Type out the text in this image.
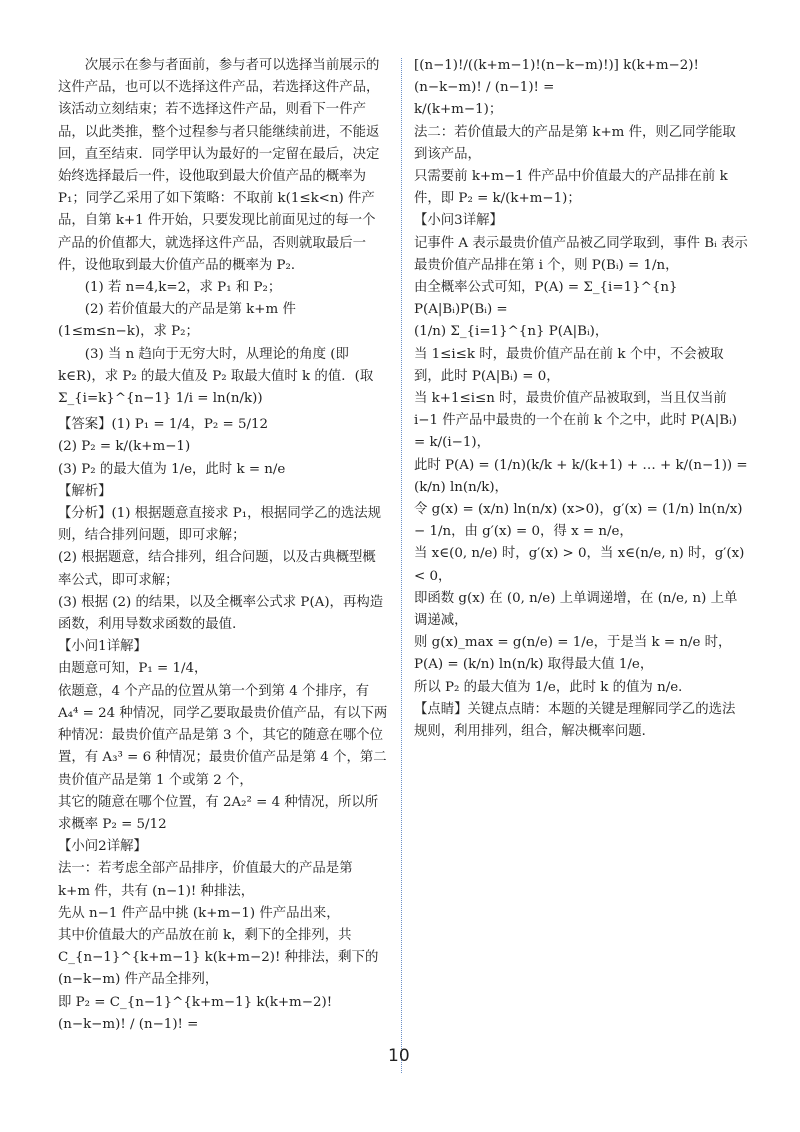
次展示在参与者面前，参与者可以选择当前展示的这件产品，也可以不选择这件产品，若选择这件产品，该活动立刻结束；若不选择这件产品，则看下一件产品，以此类推，整个过程参与者只能继续前进，不能返回，直至结束．同学甲认为最好的一定留在最后，决定始终选择最后一件，设他取到最大价值产品的概率为 P₁；同学乙采用了如下策略：不取前 k(1≤k<n) 件产品，自第 k+1 件开始，只要发现比前面见过的每一个产品的价值都大，就选择这件产品，否则就取最后一件，设他取到最大价值产品的概率为 P₂．

(1) 若 n=4,k=2，求 P₁ 和 P₂；

(2) 若价值最大的产品是第 k+m 件 (1≤m≤n−k)，求 P₂；

(3) 当 n 趋向于无穷大时，从理论的角度 (即 k∈R)，求 P₂ 的最大值及 P₂ 取最大值时 k 的值．(取 Σ_{i=k}^{n−1} 1/i = ln(n/k))

【答案】(1) P₁ = 1/4，P₂ = 5/12

(2) P₂ = k/(k+m−1)

(3) P₂ 的最大值为 1/e，此时 k = n/e

【解析】

【分析】(1) 根据题意直接求 P₁，根据同学乙的选法规则，结合排列问题，即可求解；

(2) 根据题意，结合排列，组合问题，以及古典概型概率公式，即可求解；

(3) 根据 (2) 的结果，以及全概率公式求 P(A)，再构造函数，利用导数求函数的最值．

【小问1详解】

由题意可知，P₁ = 1/4，

依题意，4 个产品的位置从第一个到第 4 个排序，有 A₄⁴ = 24 种情况，同学乙要取最贵价值产品，有以下两种情况：最贵价值产品是第 3 个，其它的随意在哪个位置，有 A₃³ = 6 种情况；最贵价值产品是第 4 个，第二贵价值产品是第 1 个或第 2 个，

其它的随意在哪个位置，有 2A₂² = 4 种情况，所以所求概率 P₂ = 5/12

【小问2详解】

法一：若考虑全部产品排序，价值最大的产品是第 k+m 件，共有 (n−1)! 种排法，

先从 n−1 件产品中挑 (k+m−1) 件产品出来，

其中价值最大的产品放在前 k，剩下的全排列，共 C_{n−1}^{k+m−1} k(k+m−2)! 种排法，剩下的 (n−k−m) 件产品全排列，

即 P₂ = C_{n−1}^{k+m−1} k(k+m−2)!(n−k−m)! / (n−1)! =

[(n−1)!/((k+m−1)!(n−k−m)!)] k(k+m−2)!(n−k−m)! / (n−1)! =

k/(k+m−1)；

法二：若价值最大的产品是第 k+m 件，则乙同学能取到该产品，

只需要前 k+m−1 件产品中价值最大的产品排在前 k 件，即 P₂ = k/(k+m−1)；

【小问3详解】

记事件 A 表示最贵价值产品被乙同学取到，事件 Bᵢ 表示最贵价值产品排在第 i 个，则 P(Bᵢ) = 1/n，

由全概率公式可知，P(A) = Σ_{i=1}^{n} P(A|Bᵢ)P(Bᵢ) =

(1/n) Σ_{i=1}^{n} P(A|Bᵢ)，

当 1≤i≤k 时，最贵价值产品在前 k 个中，不会被取到，此时 P(A|Bᵢ) = 0，

当 k+1≤i≤n 时，最贵价值产品被取到，当且仅当前 i−1 件产品中最贵的一个在前 k 个之中，此时 P(A|Bᵢ) = k/(i−1)，

此时 P(A) = (1/n)(k/k + k/(k+1) + … + k/(n−1)) = (k/n) ln(n/k)，

令 g(x) = (x/n) ln(n/x) (x>0)，g′(x) = (1/n) ln(n/x) − 1/n，由 g′(x) = 0，得 x = n/e，

当 x∈(0, n/e) 时，g′(x) > 0，当 x∈(n/e, n) 时，g′(x) < 0，

即函数 g(x) 在 (0, n/e) 上单调递增，在 (n/e, n) 上单调递减，

则 g(x)_max = g(n/e) = 1/e，于是当 k = n/e 时，P(A) = (k/n) ln(n/k) 取得最大值 1/e，

所以 P₂ 的最大值为 1/e，此时 k 的值为 n/e．

【点睛】关键点点睛：本题的关键是理解同学乙的选法规则，利用排列，组合，解决概率问题．

10
